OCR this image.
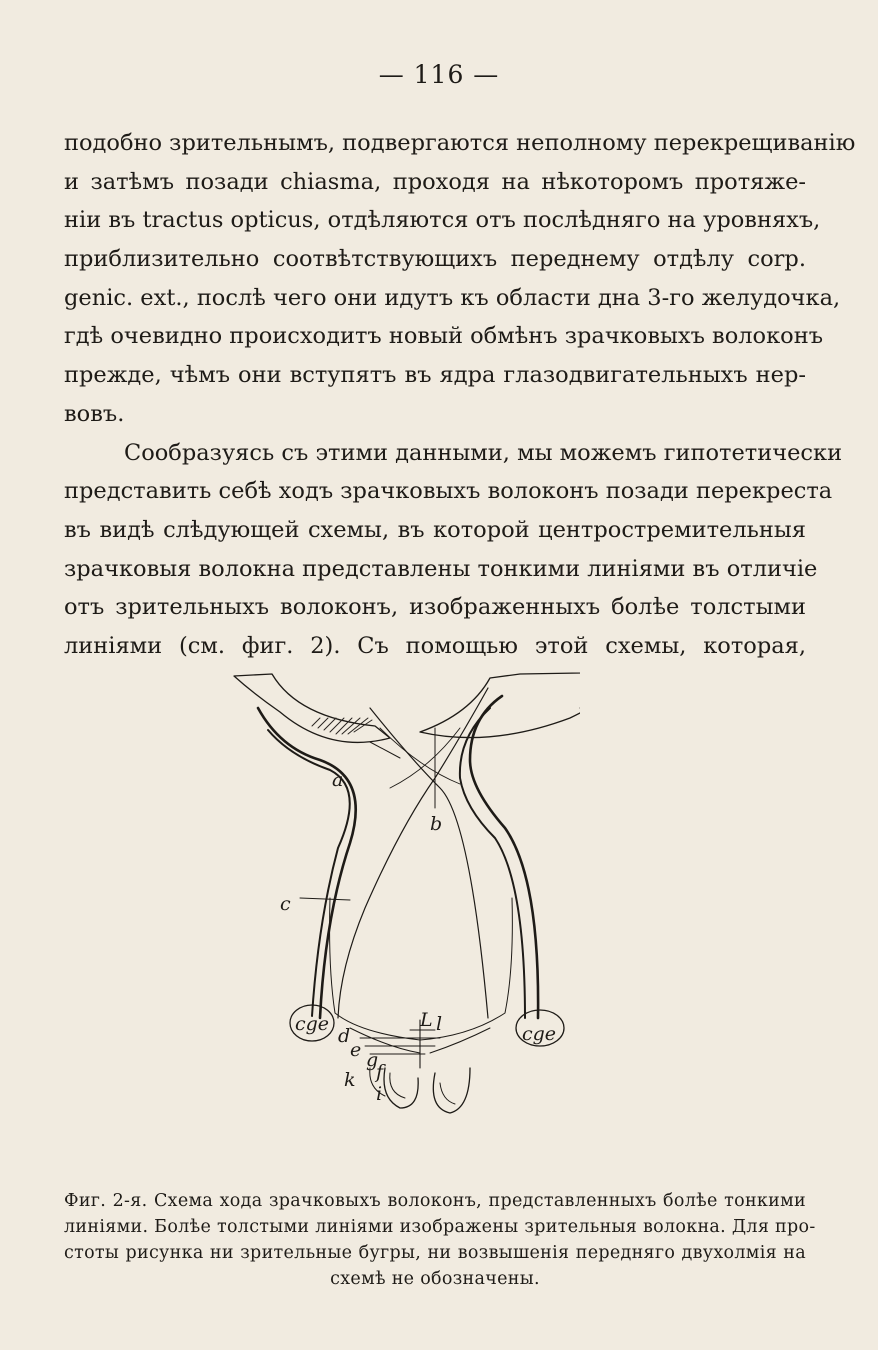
— 116 —
подобно зрительнымъ, подвергаются неполному перекрещиванiю
и затѣмъ позади chiasma, проходя на нѣкоторомъ протяже-
нiи въ tractus opticus, отдѣляются отъ послѣдняго на уровняхъ,
приблизительно соотвѣтствующихъ переднему отдѣлу corp.
genic. ext., послѣ чего они идутъ къ области дна 3-го желудочка,
гдѣ очевидно происходитъ новый обмѣнъ зрачковыхъ волоконъ
прежде, чѣмъ они вступятъ въ ядра глазодвигательныхъ нер-
вовъ.
Сообразуясь съ этими данными, мы можемъ гипотетически
представить себѣ ходъ зрачковыхъ волоконъ позади перекреста
въ видѣ слѣдующей схемы, въ которой центростремительныя
зрачковыя волокна представлены тонкими линiями въ отличiе
отъ зрительныхъ волоконъ, изображенныхъ болѣе толстыми
линiями (см. фиг. 2). Съ помощью этой схемы, которая,
a
b
c
cge	cge
d
e g
f
k
i
L l
Фиг. 2-я. Схема хода зрачковыхъ волоконъ, представленныхъ болѣе тонкими
линiями. Болѣе толстыми линiями изображены зрительныя волокна. Для про-
стоты рисунка ни зрительные бугры, ни возвышенiя передняго двухолмiя на
схемѣ не обозначены.
